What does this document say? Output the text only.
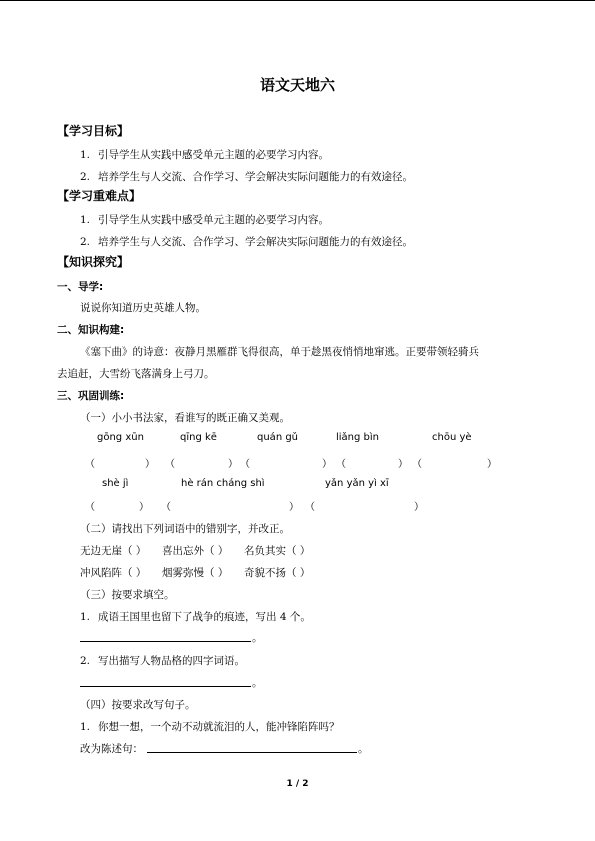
语文天地六
【学习目标】
1. 引导学生从实践中感受单元主题的必要学习内容。
2. 培养学生与人交流、合作学习、学会解决实际问题能力的有效途径。
【学习重难点】
1. 引导学生从实践中感受单元主题的必要学习内容。
2. 培养学生与人交流、合作学习、学会解决实际问题能力的有效途径。
【知识探究】
一、导学:
说说你知道历史英雄人物。
二、知识构建:
《塞下曲》的诗意：夜静月黑雁群飞得很高，单于趁黑夜悄悄地窜逃。正要带领轻骑兵
去追赶，大雪纷飞落满身上弓刀。
三、巩固训练:
（一）小小书法家，看谁写的既正确又美观。
gōng xūn	qīng kē	quán gǔ	liǎng bìn	chōu yè
（	） （	） （	） （	） （	）
shè jì	hè rán cháng shì	yǎn yǎn yì xī
（	） （	） （	）
（二）请找出下列词语中的错别字，并改正。
无边无崖（ ） 喜出忘外（ ） 名负其实（ ）
冲风陷阵（ ） 烟雾弥慢（ ） 奇貌不扬（ ）
（三）按要求填空。
1. 成语王国里也留下了战争的痕迹，写出 4 个。
。
2. 写出描写人物品格的四字词语。
。
（四）按要求改写句子。
1. 你想一想，一个动不动就流泪的人，能冲锋陷阵吗？
改为陈述句：	。
1 / 2
